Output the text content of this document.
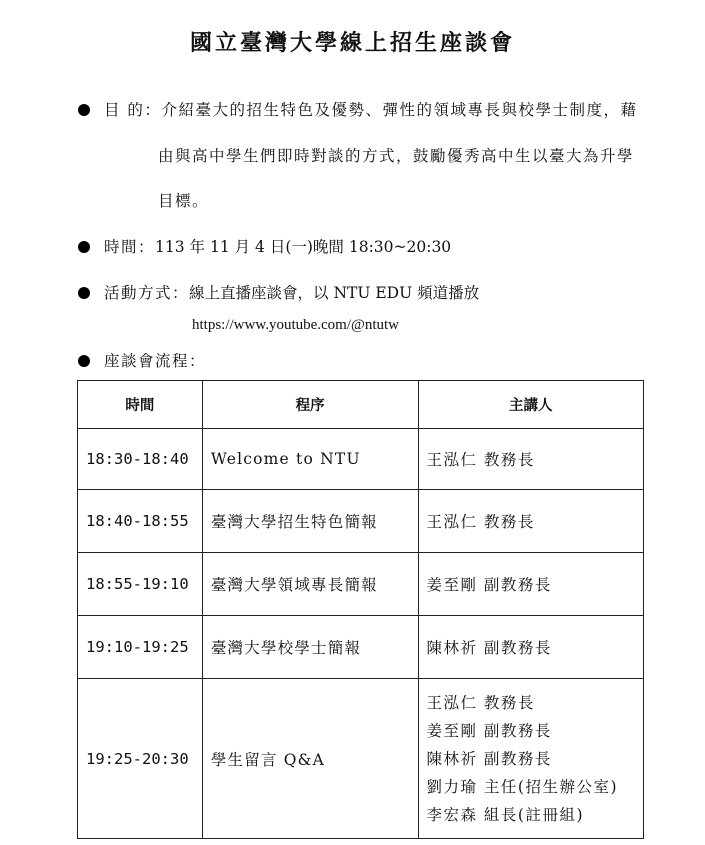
國立臺灣大學線上招生座談會
目 的：介紹臺大的招生特色及優勢、彈性的領域專長與校學士制度，藉
由與高中學生們即時對談的方式，鼓勵優秀高中生以臺大為升學
目標。
時間：113 年 11 月 4 日(一)晚間 18:30~20:30
活動方式：線上直播座談會，以 NTU EDU 頻道播放
https://www.youtube.com/@ntutw
座談會流程：
時間	程序	主講人
18:30-18:40	Welcome to NTU	王泓仁 教務長
18:40-18:55	臺灣大學招生特色簡報	王泓仁 教務長
18:55-19:10	臺灣大學領域專長簡報	姜至剛 副教務長
19:10-19:25	臺灣大學校學士簡報	陳林祈 副教務長
19:25-20:30	學生留言 Q&A	王泓仁 教務長
姜至剛 副教務長
陳林祈 副教務長
劉力瑜 主任(招生辦公室)
李宏森 組長(註冊組)
